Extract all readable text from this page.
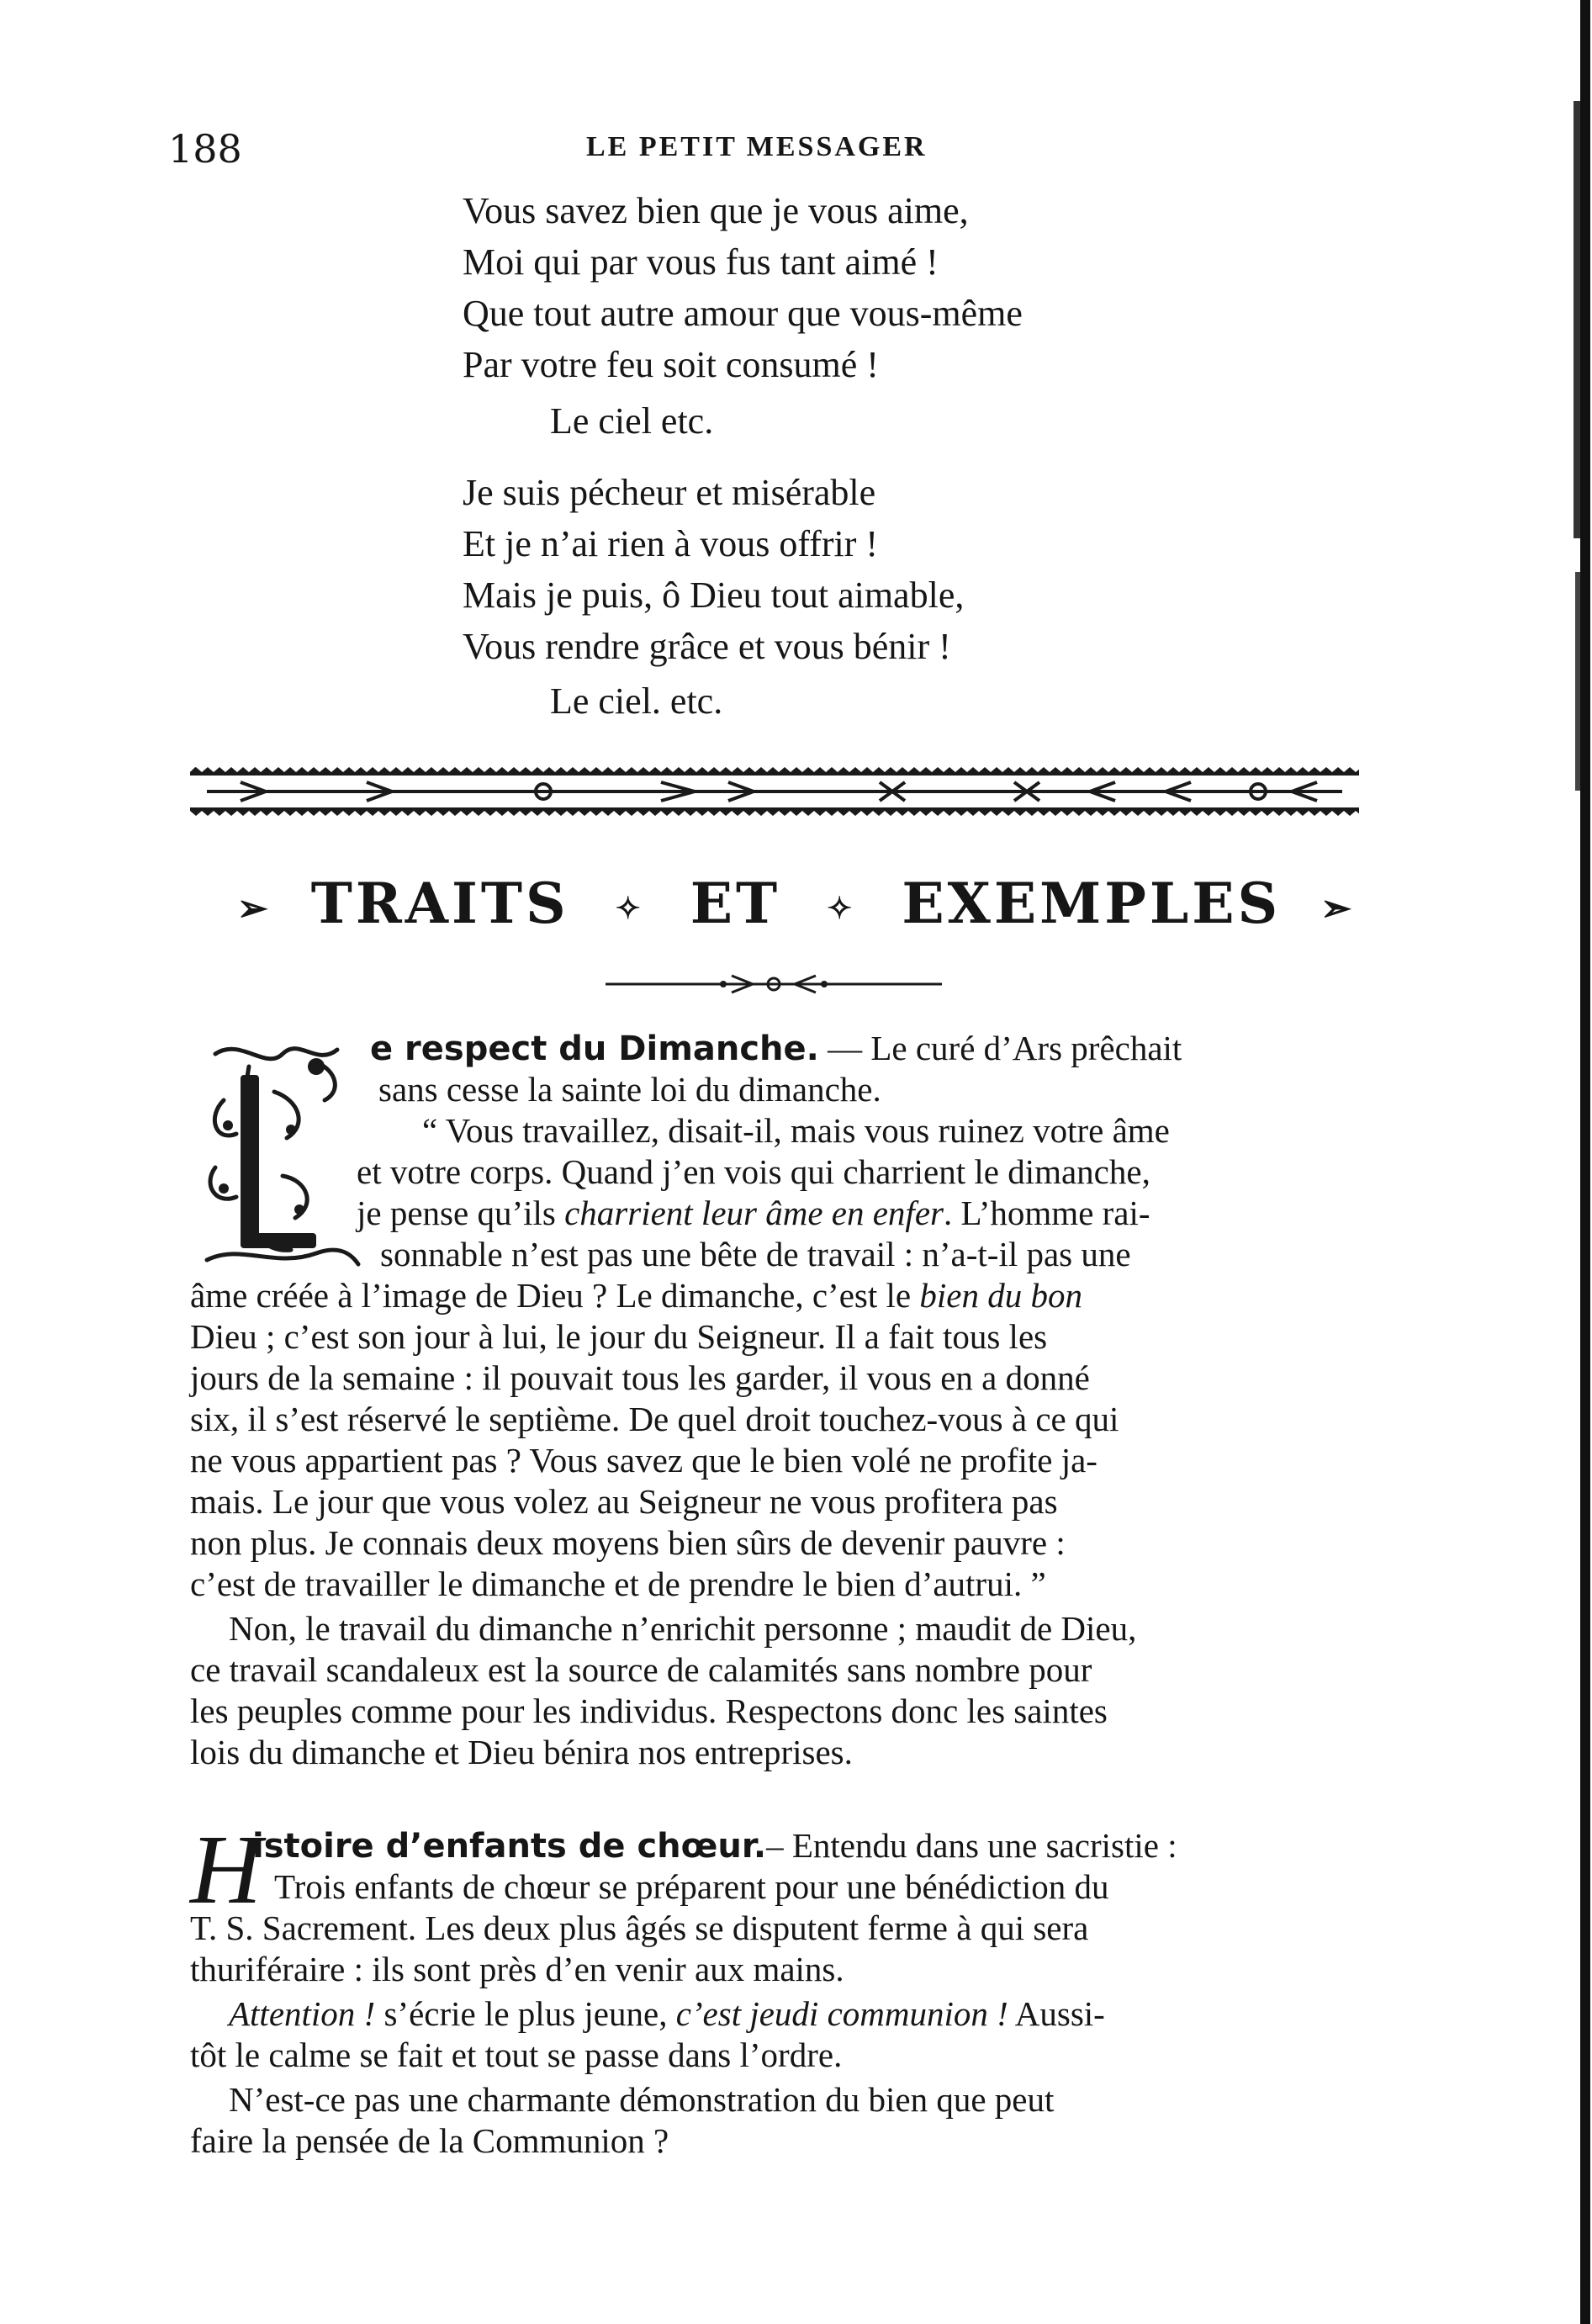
188	LE PETIT MESSAGER
Vous savez bien que je vous aime,
Moi qui par vous fus tant aimé !
Que tout autre amour que vous-même
Par votre feu soit consumé !
Le ciel etc.
Je suis pécheur et misérable
Et je n’ai rien à vous offrir !
Mais je puis, ô Dieu tout aimable,
Vous rendre grâce et vous bénir !
Le ciel. etc.
➢ TRAITS ✧ ET ✧ EXEMPLES ➣
e respect du Dimanche. — Le curé d’Ars prêchait
sans cesse la sainte loi du dimanche.
“ Vous travaillez, disait-il, mais vous ruinez votre âme
et votre corps. Quand j’en vois qui charrient le dimanche,
je pense qu’ils charrient leur âme en enfer. L’homme rai-
sonnable n’est pas une bête de travail : n’a-t-il pas une
âme créée à l’image de Dieu ? Le dimanche, c’est le bien du bon
Dieu ; c’est son jour à lui, le jour du Seigneur. Il a fait tous les
jours de la semaine : il pouvait tous les garder, il vous en a donné
six, il s’est réservé le septième. De quel droit touchez-vous à ce qui
ne vous appartient pas ? Vous savez que le bien volé ne profite ja-
mais. Le jour que vous volez au Seigneur ne vous profitera pas
non plus. Je connais deux moyens bien sûrs de devenir pauvre :
c’est de travailler le dimanche et de prendre le bien d’autrui. ”
Non, le travail du dimanche n’enrichit personne ; maudit de Dieu,
ce travail scandaleux est la source de calamités sans nombre pour
les peuples comme pour les individus. Respectons donc les saintes
lois du dimanche et Dieu bénira nos entreprises.
H
istoire d’enfants de chœur.– Entendu dans une sacristie :
Trois enfants de chœur se préparent pour une bénédiction du
T. S. Sacrement. Les deux plus âgés se disputent ferme à qui sera
thuriféraire : ils sont près d’en venir aux mains.
Attention ! s’écrie le plus jeune, c’est jeudi communion ! Aussi-
tôt le calme se fait et tout se passe dans l’ordre.
N’est-ce pas une charmante démonstration du bien que peut
faire la pensée de la Communion ?
